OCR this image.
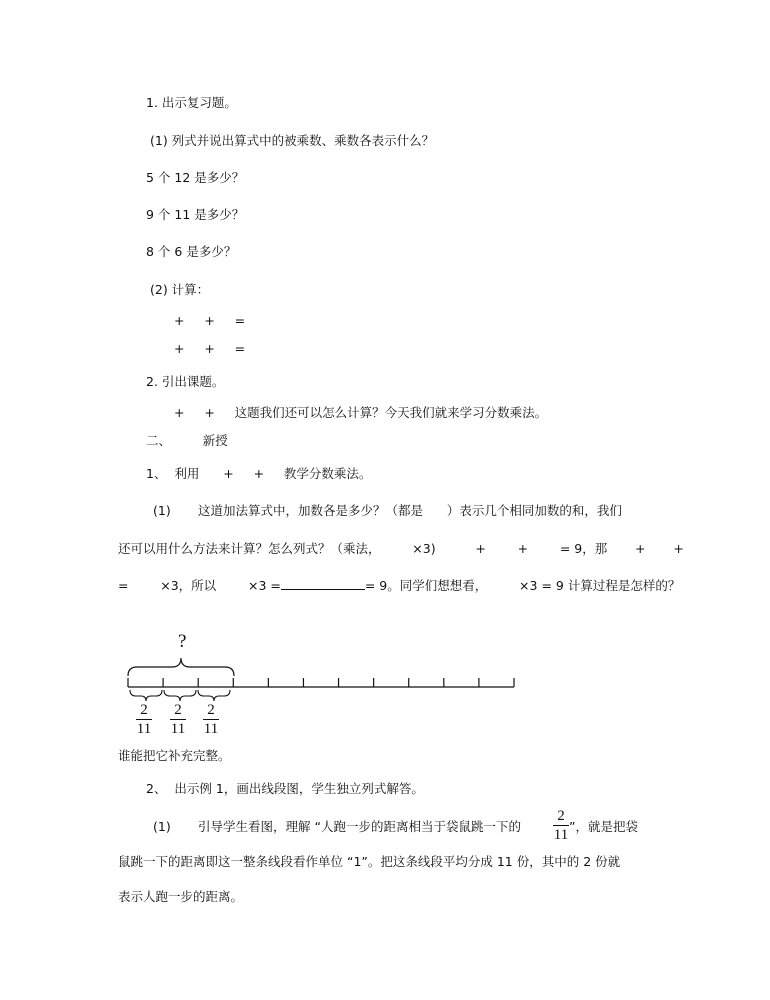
1. 出示复习题。
(1) 列式并说出算式中的被乘数、乘数各表示什么？
5 个 12 是多少？
9 个 11 是多少？
8 个 6 是多少？
(2) 计算：
+     +     =
+     +     =
2. 引出课题。
+     +     这题我们还可以怎么计算？今天我们就来学习分数乘法。
二、        新授
1、  利用      +     +     教学分数乘法。
(1) 这道加法算式中，加数各是多少？（都是      ）表示几个相同加数的和，我们
还可以用什么方法来计算？怎么列式？（乘法，        ×3)          +        +        = 9，那       +       +
=        ×3，所以        ×3 =	= 9。同学们想想看，        ×3 = 9 计算过程是怎样的？
?
2
11
2
11
2
11
谁能把它补充完整。
2、  出示例 1，画出线段图，学生独立列式解答。
(1) 引导学生看图，理解 “人跑一步的距离相当于袋鼠跳一下的
2
11
”，就是把袋
鼠跳一下的距离即这一整条线段看作单位 “1”。把这条线段平均分成 11 份，其中的 2 份就
表示人跑一步的距离。
